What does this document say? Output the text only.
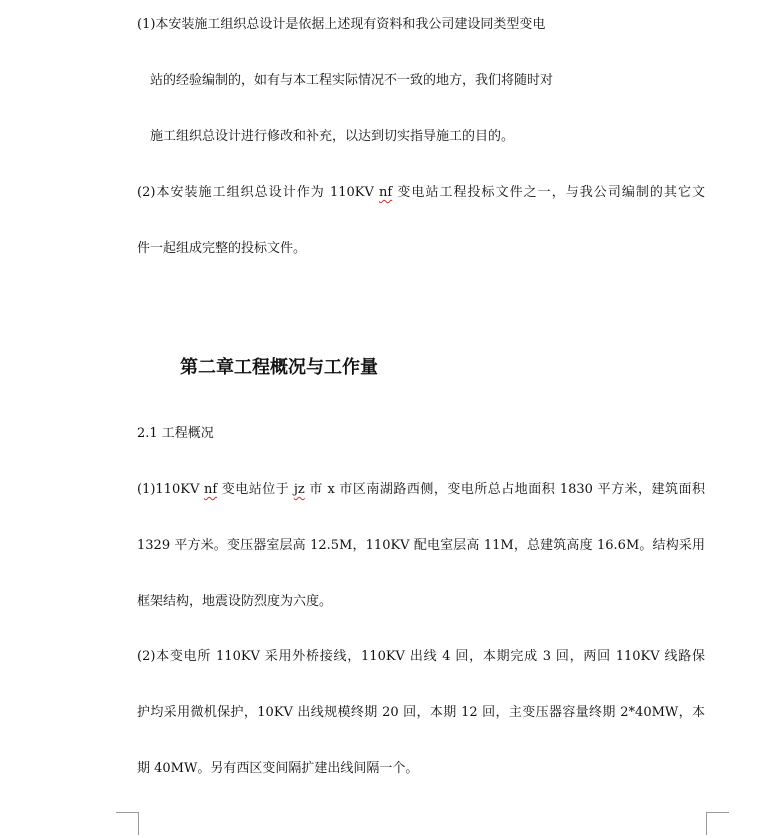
(1)本安装施工组织总设计是依据上述现有资料和我公司建设同类型变电
站的经验编制的，如有与本工程实际情况不一致的地方，我们将随时对
施工组织总设计进行修改和补充，以达到切实指导施工的目的。
(2)本安装施工组织总设计作为 110KV nf 变电站工程投标文件之一，与我公司编制的其它文
件一起组成完整的投标文件。
第二章工程概况与工作量
2.1 工程概况
(1)110KV nf 变电站位于 jz 市 x 市区南湖路西侧，变电所总占地面积 1830 平方米，建筑面积
1329 平方米。变压器室层高 12.5M，110KV 配电室层高 11M，总建筑高度 16.6M。结构采用
框架结构，地震设防烈度为六度。
(2)本变电所 110KV 采用外桥接线，110KV 出线 4 回，本期完成 3 回，两回 110KV 线路保
护均采用微机保护，10KV 出线规模终期 20 回，本期 12 回，主变压器容量终期 2*40MW，本
期 40MW。另有西区变间隔扩建出线间隔一个。
